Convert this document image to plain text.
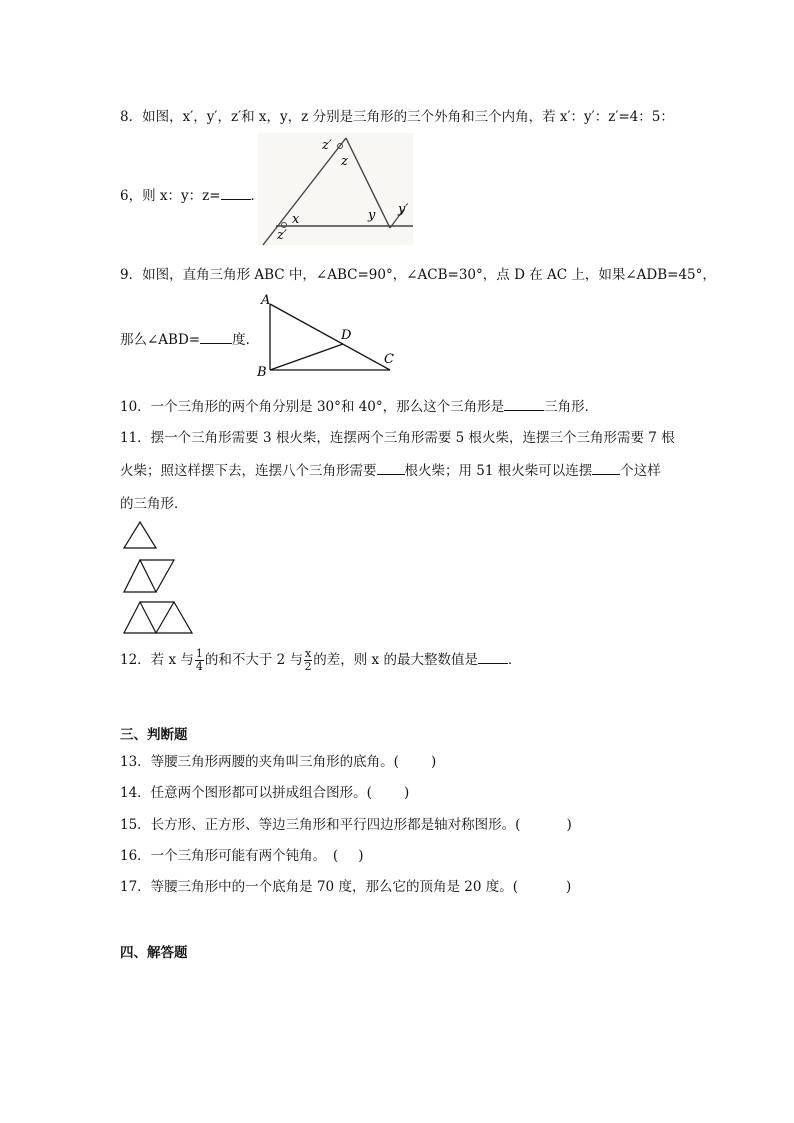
8．如图，x′，y′，z′和 x，y，z 分别是三角形的三个外角和三个内角，若 x′：y′：z′=4：5：
z′
z
x
z′
y y′
6，则 x：y：z= ．
9．如图，直角三角形 ABC 中，∠ABC=90°，∠ACB=30°，点 D 在 AC 上，如果∠ADB=45°，
A
B
C
D
那么∠ABD= 度．
10．一个三角形的两个角分别是 30°和 40°，那么这个三角形是	三角形．
11．摆一个三角形需要 3 根火柴，连摆两个三角形需要 5 根火柴，连摆三个三角形需要 7 根
火柴；照这样摆下去，连摆八个三角形需要 根火柴；用 51 根火柴可以连摆 个这样
的三角形．
12．若 x 与 $\frac{1}{4}$ 的和不大于 2 与 $\frac{x}{2}$ 的差，则 x 的最大整数值是 ．
三、判断题
13．等腰三角形两腰的夹角叫三角形的底角。( )
14．任意两个图形都可以拼成组合图形。( )
15．长方形、正方形、等边三角形和平行四边形都是轴对称图形。(	)
16．一个三角形可能有两个钝角。　( )
17．等腰三角形中的一个底角是 70 度，那么它的顶角是 20 度。(	)
四、解答题
